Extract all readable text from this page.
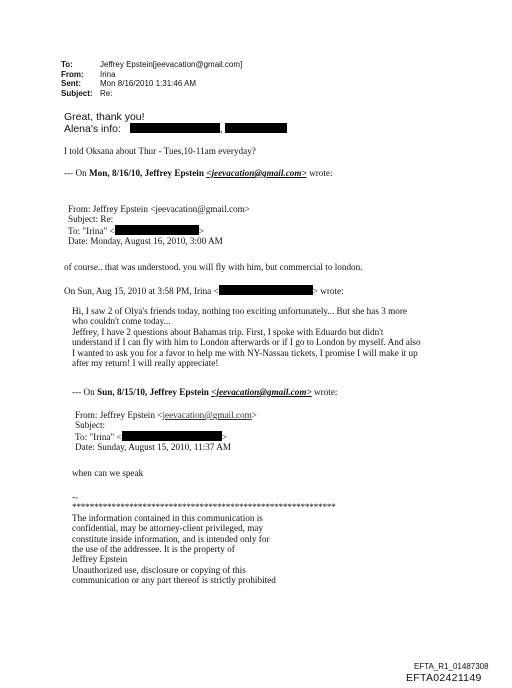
To:	Jeffrey Epstein[jeevacation@gmail.com]
From:	Irina
Sent:	Mon 8/16/2010 1:31:46 AM
Subject: Re:
Great, thank you!
Alena's info:	,
I told Oksana about Thur - Tues,10-11am everyday?
--- On Mon, 8/16/10, Jeffrey Epstein <jeevacation@gmail.com> wrote:
From: Jeffrey Epstein <jeevacation@gmail.com>
Subject: Re:
To: "Irina" <	>
Date: Monday, August 16, 2010, 3:00 AM
of course.. that was understood. you will fly with him, but commercial to london.
On Sun, Aug 15, 2010 at 3:58 PM, Irina <	> wrote:
Hi, I saw 2 of Olya's friends today, nothing too exciting unfortunately... But she has 3 more
who couldn't come today...
Jeffrey, I have 2 questions about Bahamas trip. First, I spoke with Eduardo but didn't
understand if I can fly with him to London afterwards or if I go to London by myself. And also
I wanted to ask you for a favor to help me with NY-Nassau tickets, I promise I will make it up
after my return! I will really appreciate!
--- On Sun, 8/15/10, Jeffrey Epstein <jeevacation@gmail.com> wrote:
From: Jeffrey Epstein <jeevacation@gmail.com>
Subject:
To: "Irina" <	>
Date: Sunday, August 15, 2010, 11:37 AM
when can we speak
--
************************************************************
The information contained in this communication is
confidential, may be attorney-client privileged, may
constitute inside information, and is intended only for
the use of the addressee. It is the property of
Jeffrey Epstein
Unauthorized use, disclosure or copying of this
communication or any part thereof is strictly prohibited
EFTA_R1_01487308
EFTA02421149
